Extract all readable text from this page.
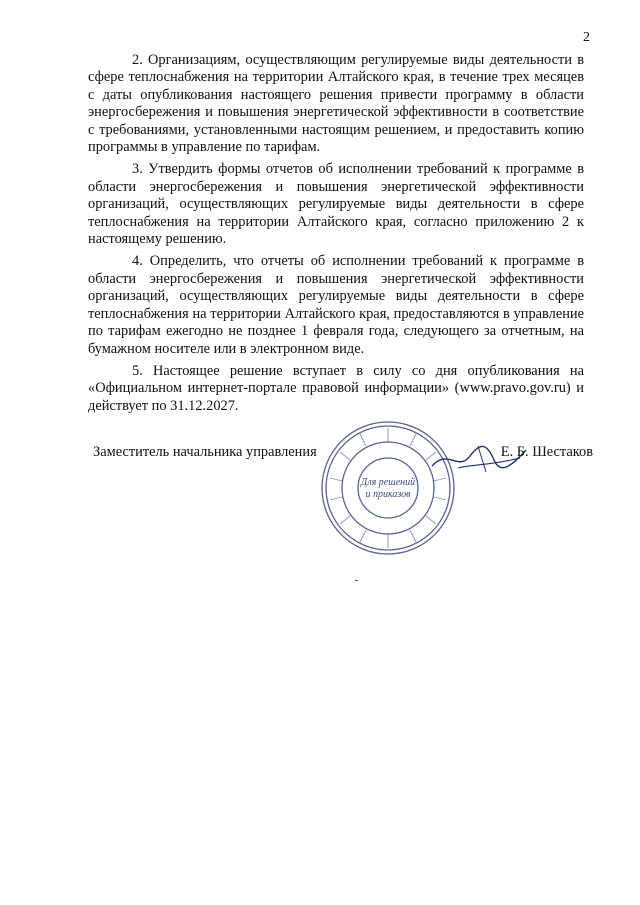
2

2. Организациям, осуществляющим регулируемые виды деятельности в сфере теплоснабжения на территории Алтайского края, в течение трех месяцев с даты опубликования настоящего решения привести программу в области энергосбережения и повышения энергетической эффективности в соответствие с требованиями, установленными настоящим решением, и предоставить копию программы в управление по тарифам.

3. Утвердить формы отчетов об исполнении требований к программе в области энергосбережения и повышения энергетической эффективности организаций, осуществляющих регулируемые виды деятельности в сфере теплоснабжения на территории Алтайского края, согласно приложению 2 к настоящему решению.

4. Определить, что отчеты об исполнении требований к программе в области энергосбережения и повышения энергетической эффективности организаций, осуществляющих регулируемые виды деятельности в сфере теплоснабжения на территории Алтайского края, предоставляются в управление по тарифам ежегодно не позднее 1 февраля года, следующего за отчетным, на бумажном носителе или в электронном виде.

5. Настоящее решение вступает в силу со дня опубликования на «Официальном интернет-портале правовой информации» (www.pravo.gov.ru) и действует по 31.12.2027.

Заместитель начальника управления
Для решений
и приказов
Е. Б. Шестаков
